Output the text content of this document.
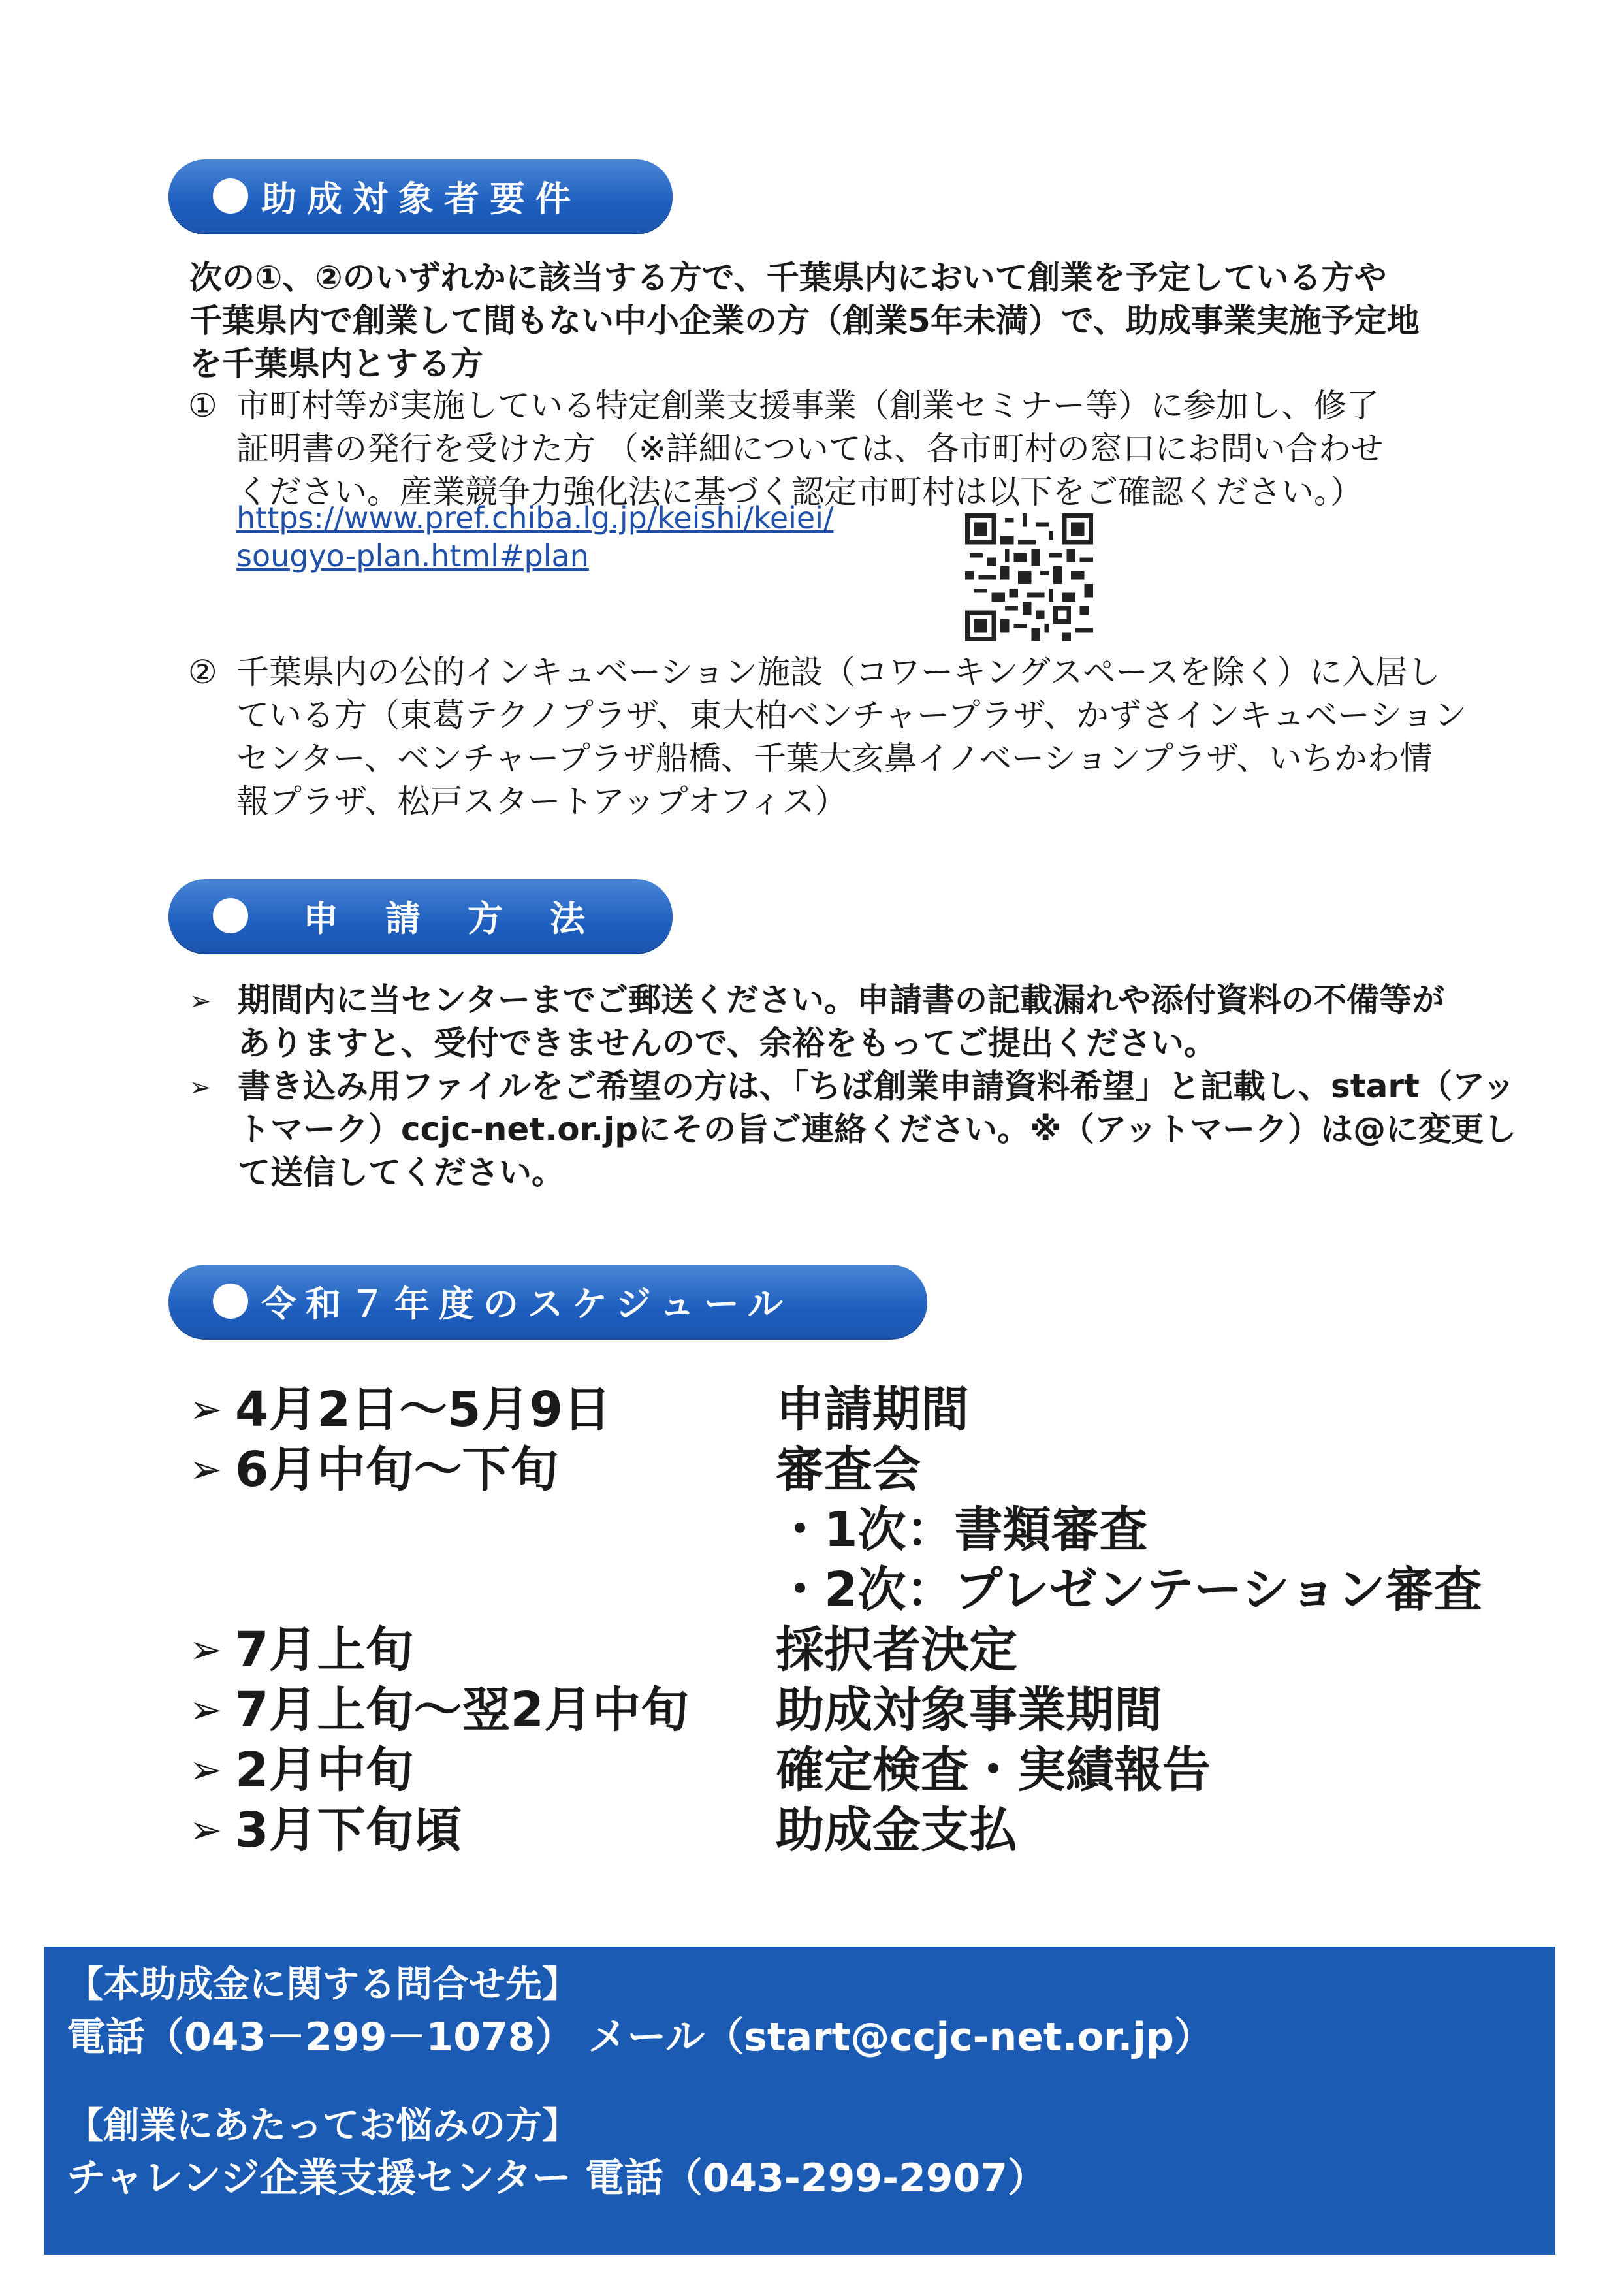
助成対象者要件
次の①、②のいずれかに該当する方で、千葉県内において創業を予定している方や
千葉県内で創業して間もない中小企業の方（創業5年未満）で、助成事業実施予定地
を千葉県内とする方
① 市町村等が実施している特定創業支援事業（創業セミナー等）に参加し、修了
証明書の発行を受けた方 （※詳細については、各市町村の窓口にお問い合わせ
ください。産業競争力強化法に基づく認定市町村は以下をご確認ください。）
https://www.pref.chiba.lg.jp/keishi/keiei/
sougyo-plan.html#plan
② 千葉県内の公的インキュベーション施設（コワーキングスペースを除く）に入居し
ている方（東葛テクノプラザ、東大柏ベンチャープラザ、かずさインキュベーション
センター、ベンチャープラザ船橋、千葉大亥鼻イノベーションプラザ、いちかわ情
報プラザ、松戸スタートアップオフィス）
申請方法
➢ 期間内に当センターまでご郵送ください。申請書の記載漏れや添付資料の不備等が
ありますと、受付できませんので、余裕をもってご提出ください。
➢ 書き込み用ファイルをご希望の方は、「ちば創業申請資料希望」と記載し、start（アッ
トマーク）ccjc-net.or.jpにその旨ご連絡ください。※（アットマーク）は@に変更し
て送信してください。
令和７年度のスケジュール
➢ 4月2日～5月9日	申請期間
➢ 6月中旬～下旬	審査会
・1次：書類審査
・2次：プレゼンテーション審査
➢ 7月上旬	採択者決定
➢ 7月上旬～翌2月中旬 助成対象事業期間
➢ 2月中旬	確定検査・実績報告
➢ 3月下旬頃	助成金支払
【本助成金に関する問合せ先】
電話（043－299－1078） メール（start@ccjc-net.or.jp）
【創業にあたってお悩みの方】
チャレンジ企業支援センター 電話（043-299-2907）
